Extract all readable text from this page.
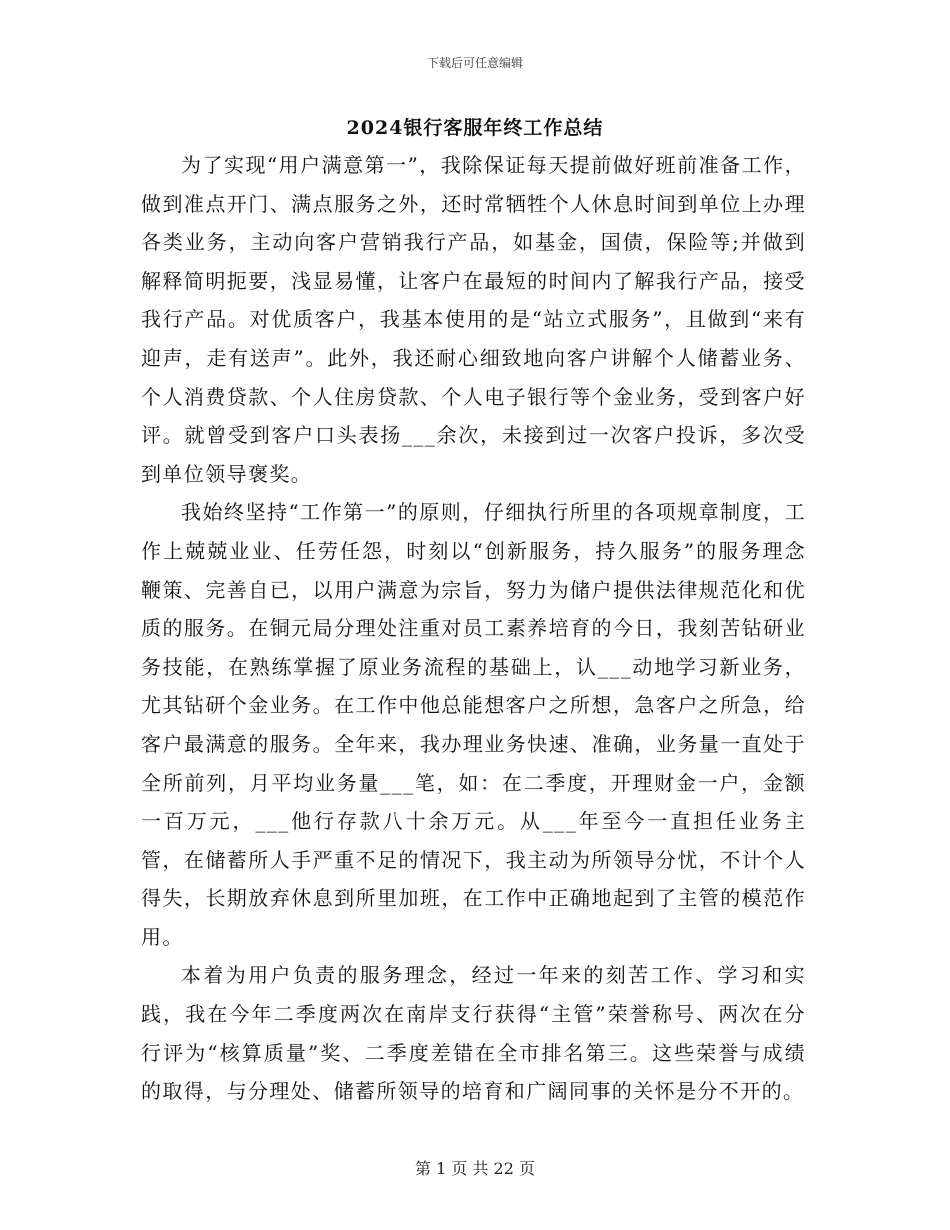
下载后可任意编辑
2024银行客服年终工作总结

为了实现“用户满意第一”，我除保证每天提前做好班前准备工作，做到准点开门、满点服务之外，还时常牺牲个人休息时间到单位上办理各类业务，主动向客户营销我行产品，如基金，国债，保险等;并做到解释简明扼要，浅显易懂，让客户在最短的时间内了解我行产品，接受我行产品。对优质客户，我基本使用的是“站立式服务”，且做到“来有迎声，走有送声”。此外，我还耐心细致地向客户讲解个人储蓄业务、个人消费贷款、个人住房贷款、个人电子银行等个金业务，受到客户好评。就曾受到客户口头表扬___余次，未接到过一次客户投诉，多次受到单位领导褒奖。

我始终坚持“工作第一”的原则，仔细执行所里的各项规章制度，工作上兢兢业业、任劳任怨，时刻以“创新服务，持久服务”的服务理念鞭策、完善自已，以用户满意为宗旨，努力为储户提供法律规范化和优质的服务。在铜元局分理处注重对员工素养培育的今日，我刻苦钻研业务技能，在熟练掌握了原业务流程的基础上，认___动地学习新业务，尤其钻研个金业务。在工作中他总能想客户之所想，急客户之所急，给客户最满意的服务。全年来，我办理业务快速、准确，业务量一直处于全所前列，月平均业务量___笔，如：在二季度，开理财金一户，金额一百万元，___他行存款八十余万元。从___年至今一直担任业务主管，在储蓄所人手严重不足的情况下，我主动为所领导分忧，不计个人得失，长期放弃休息到所里加班，在工作中正确地起到了主管的模范作用。

本着为用户负责的服务理念，经过一年来的刻苦工作、学习和实践，我在今年二季度两次在南岸支行获得“主管”荣誉称号、两次在分行评为“核算质量”奖、二季度差错在全市排名第三。这些荣誉与成绩的取得，与分理处、储蓄所领导的培育和广阔同事的关怀是分不开的。

第 1 页 共 22 页
